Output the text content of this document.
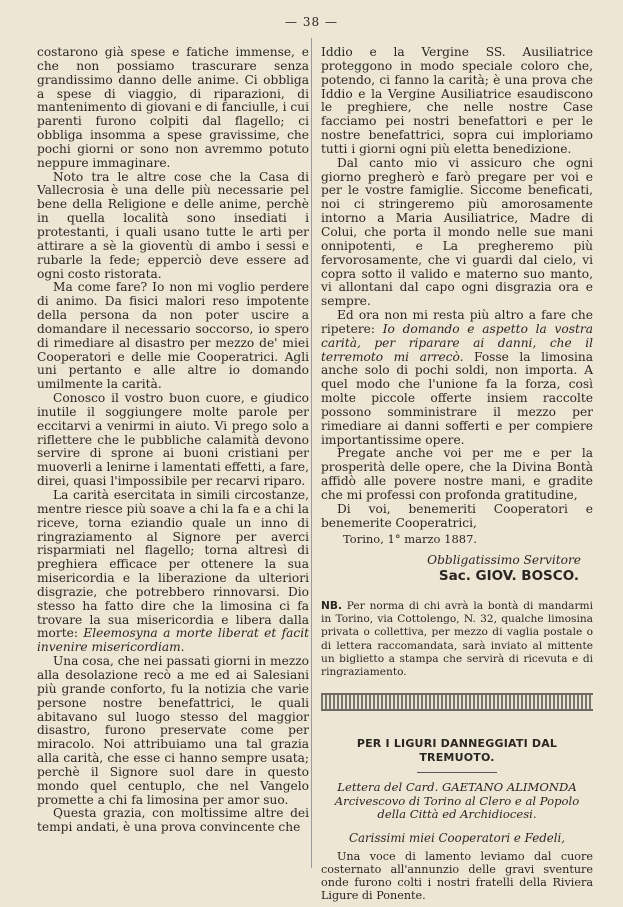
— 38 —

costarono già spese e fatiche immense, e che non possiamo trascurare senza grandissimo danno delle anime. Ci obbliga a spese di viaggio, di riparazioni, di mantenimento di giovani e di fanciulle, i cui parenti furono colpiti dal flagello; ci obbliga insomma a spese gravissime, che pochi giorni or sono non avremmo potuto neppure immaginare.

Noto tra le altre cose che la Casa di Vallecrosia è una delle più necessarie pel bene della Religione e delle anime, perchè in quella località sono insediati i protestanti, i quali usano tutte le arti per attirare a sè la gioventù di ambo i sessi e rubarle la fede; epperciò deve essere ad ogni costo ristorata.

Ma come fare? Io non mi voglio perdere di animo. Da fisici malori reso impotente della persona da non poter uscire a domandare il necessario soccorso, io spero di rimediare al disastro per mezzo de' miei Cooperatori e delle mie Cooperatrici. Agli uni pertanto e alle altre io domando umilmente la carità.

Conosco il vostro buon cuore, e giudico inutile il soggiungere molte parole per eccitarvi a venirmi in aiuto. Vi prego solo a riflettere che le pubbliche calamità devono servire di sprone ai buoni cristiani per muoverli a lenirne i lamentati effetti, a fare, direi, quasi l'impossibile per recarvi riparo.

La carità esercitata in simili circostanze, mentre riesce più soave a chi la fa e a chi la riceve, torna eziandio quale un inno di ringraziamento al Signore per averci risparmiati nel flagello; torna altresì di preghiera efficace per ottenere la sua misericordia e la liberazione da ulteriori disgrazie, che potrebbero rinnovarsi. Dio stesso ha fatto dire che la limosina ci fa trovare la sua misericordia e libera dalla morte: Eleemosyna a morte liberat et facit invenire misericordiam.

Una cosa, che nei passati giorni in mezzo alla desolazione recò a me ed ai Salesiani più grande conforto, fu la notizia che varie persone nostre benefattrici, le quali abitavano sul luogo stesso del maggior disastro, furono preservate come per miracolo. Noi attribuiamo una tal grazia alla carità, che esse ci hanno sempre usata; perchè il Signore suol dare in questo mondo quel centuplo, che nel Vangelo promette a chi fa limosina per amor suo.

Questa grazia, con moltissime altre dei tempi andati, è una prova convincente che

Iddio e la Vergine SS. Ausiliatrice proteggono in modo speciale coloro che, potendo, ci fanno la carità; è una prova che Iddio e la Vergine Ausiliatrice esaudiscono le preghiere, che nelle nostre Case facciamo pei nostri benefattori e per le nostre benefattrici, sopra cui imploriamo tutti i giorni ogni più eletta benedizione.

Dal canto mio vi assicuro che ogni giorno pregherò e farò pregare per voi e per le vostre famiglie. Siccome beneficati, noi ci stringeremo più amorosamente intorno a Maria Ausiliatrice, Madre di Colui, che porta il mondo nelle sue mani onnipotenti, e La pregheremo più fervorosamente, che vi guardi dal cielo, vi copra sotto il valido e materno suo manto, vi allontani dal capo ogni disgrazia ora e sempre.

Ed ora non mi resta più altro a fare che ripetere: Io domando e aspetto la vostra carità, per riparare ai danni, che il terremoto mi arrecò. Fosse la limosina anche solo di pochi soldi, non importa. A quel modo che l'unione fa la forza, così molte piccole offerte insiem raccolte possono somministrare il mezzo per rimediare ai danni sofferti e per compiere importantissime opere.

Pregate anche voi per me e per la prosperità delle opere, che la Divina Bontà affidò alle povere nostre mani, e gradite che mi professi con profonda gratitudine,

Di voi, benemeriti Cooperatori e benemerite Cooperatrici,

Torino, 1° marzo 1887.

Obbligatissimo Servitore

Sac. GIOV. BOSCO.

NB. Per norma di chi avrà la bontà di mandarmi in Torino, via Cottolengo, N. 32, qualche limosina privata o collettiva, per mezzo di vaglia postale o di lettera raccomandata, sarà inviato al mittente un biglietto a stampa che servirà di ricevuta e di ringraziamento.

PER I LIGURI DANNEGGIATI DAL TREMUOTO.

Lettera del Card. GAETANO ALIMONDA Arcivescovo di Torino al Clero e al Popolo della Città ed Archidiocesi.

Carissimi miei Cooperatori e Fedeli,

Una voce di lamento leviamo dal cuore costernato all'annunzio delle gravi sventure onde furono colti i nostri fratelli della Riviera Ligure di Ponente.
